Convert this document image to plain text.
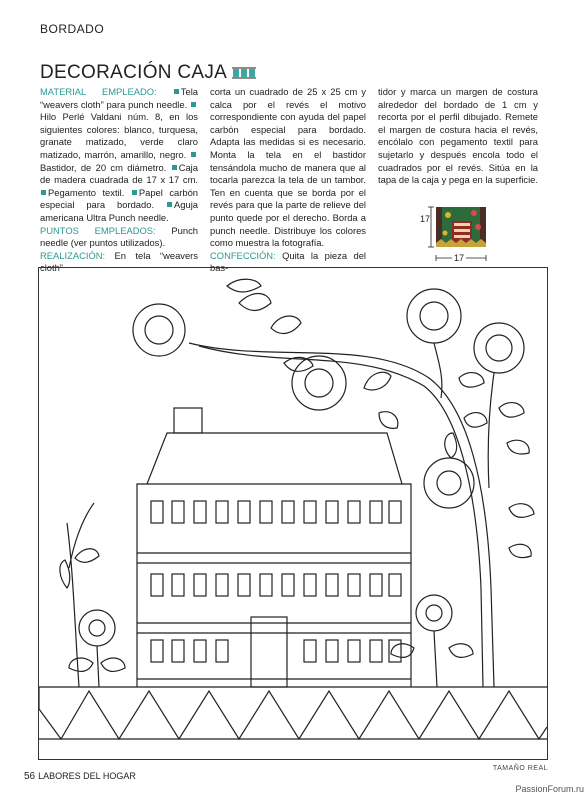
BORDADO
DECORACIÓN CAJA
MATERIAL EMPLEADO:	Tela “weavers cloth” para punch needle. Hilo Perlé Valdani núm. 8, en los siguientes colores: blanco, turquesa, granate matizado, verde claro matizado, marrón, amarillo, negro. Bastidor, de 20 cm diámetro. Caja de madera cuadrada de 17 x 17 cm. Pegamento textil. Papel carbón especial para bordado. Aguja americana Ultra Punch needle.
PUNTOS EMPLEADOS: Punch needle (ver puntos utilizados).
REALIZACIÓN: En tela “weavers cloth”
corta un cuadrado de 25 x 25 cm y calca por el revés el motivo correspondiente con ayuda del papel carbón especial para bordado. Adapta las medidas si es necesario. Monta la tela en el bastidor tensándola mucho de manera que al tocarla parezca la tela de un tambor. Ten en cuenta que se borda por el revés para que la parte de relieve del punto quede por el derecho. Borda a punch needle. Distribuye los colores como muestra la fotografía.
CONFECCIÓN: Quita la pieza del bas-
tidor y marca un margen de costura alrededor del bordado de 1 cm y recorta por el perfil dibujado. Remete el margen de costura hacia el revés, encólalo con pegamento textil para sujetarlo y después encola todo el cuadrados por el revés. Sitúa en la tapa de la caja y pega en la superficie.
17
17
56 LABORES DEL HOGAR
TAMAÑO REAL
PassionForum.ru
